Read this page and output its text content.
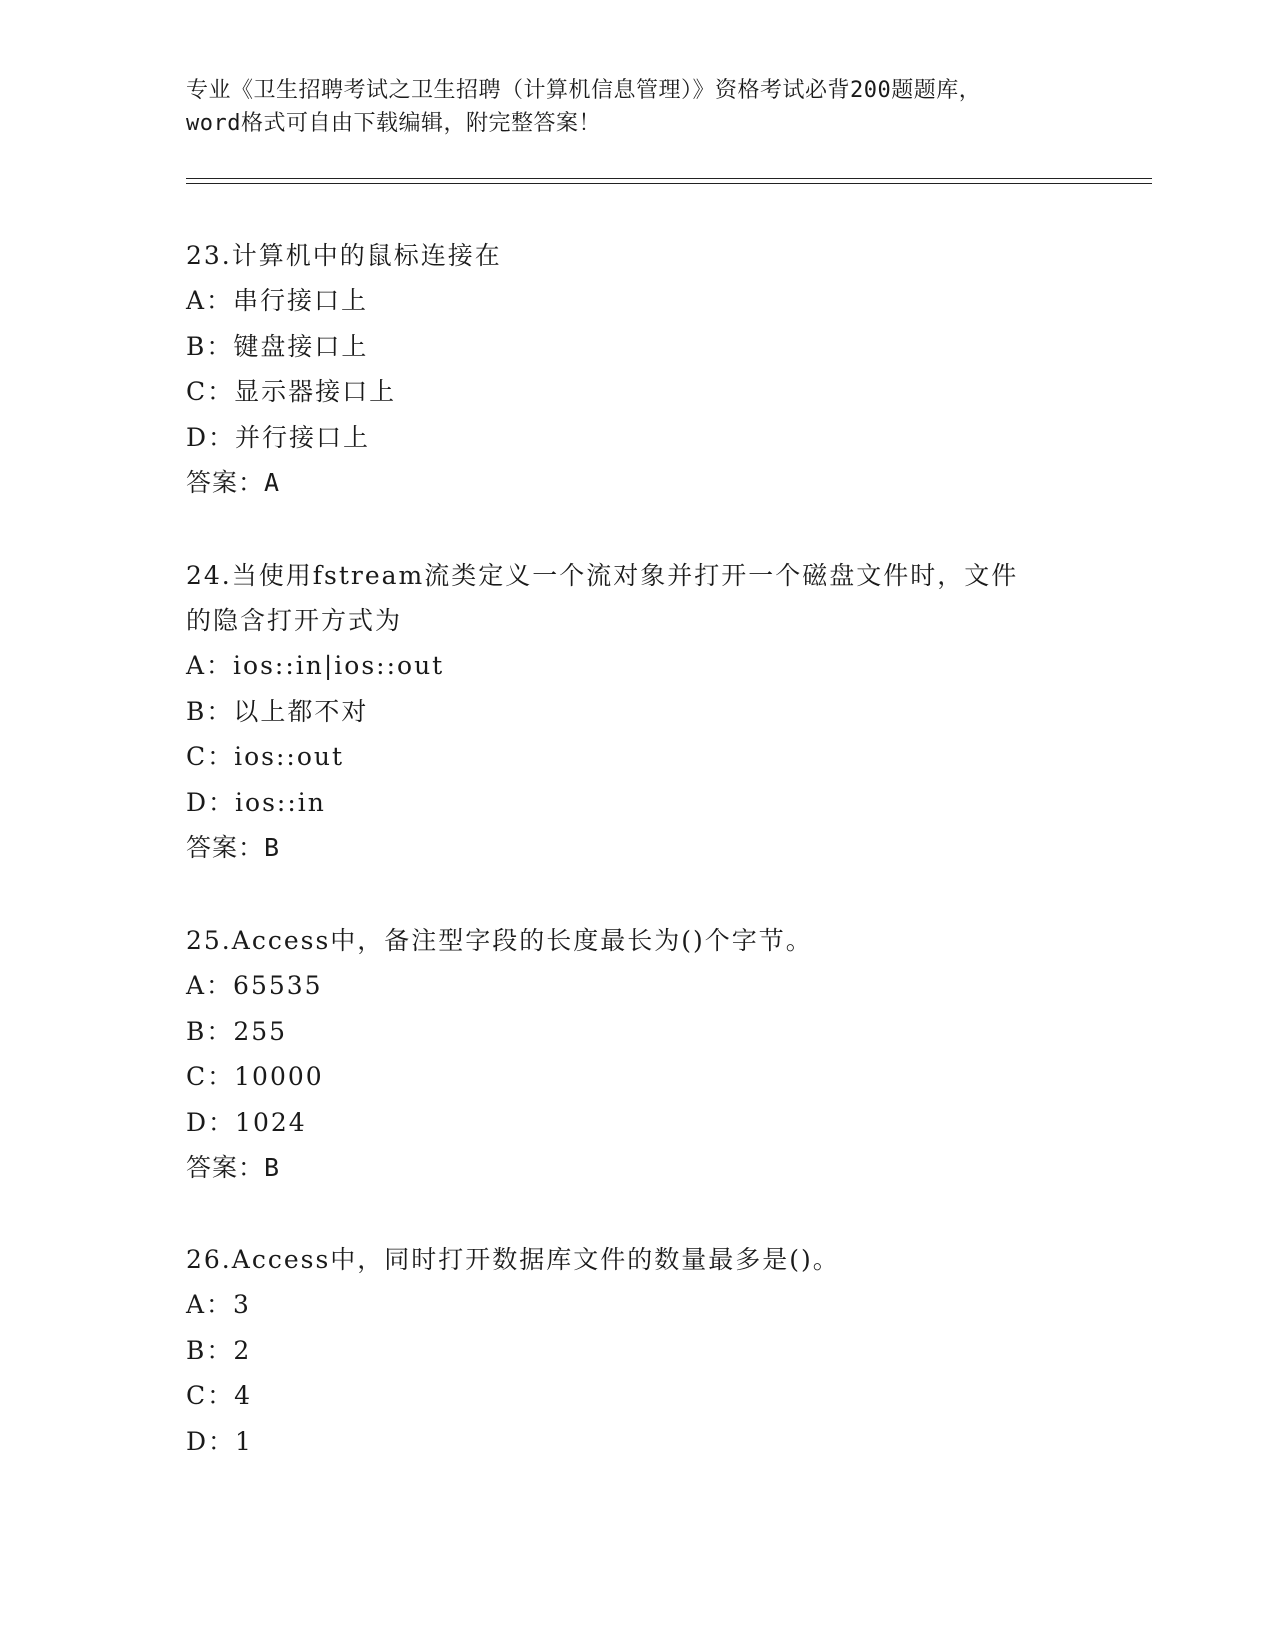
专业《卫生招聘考试之卫生招聘（计算机信息管理）》资格考试必背200题题库，
word格式可自由下载编辑，附完整答案！
23.计算机中的鼠标连接在
A：串行接口上
B：键盘接口上
C：显示器接口上
D：并行接口上
答案：A
24.当使用fstream流类定义一个流对象并打开一个磁盘文件时，文件
的隐含打开方式为
A：ios::in|ios::out
B：以上都不对
C：ios::out
D：ios::in
答案：B
25.Access中，备注型字段的长度最长为()个字节。
A：65535
B：255
C：10000
D：1024
答案：B
26.Access中，同时打开数据库文件的数量最多是()。
A：3
B：2
C：4
D：1
